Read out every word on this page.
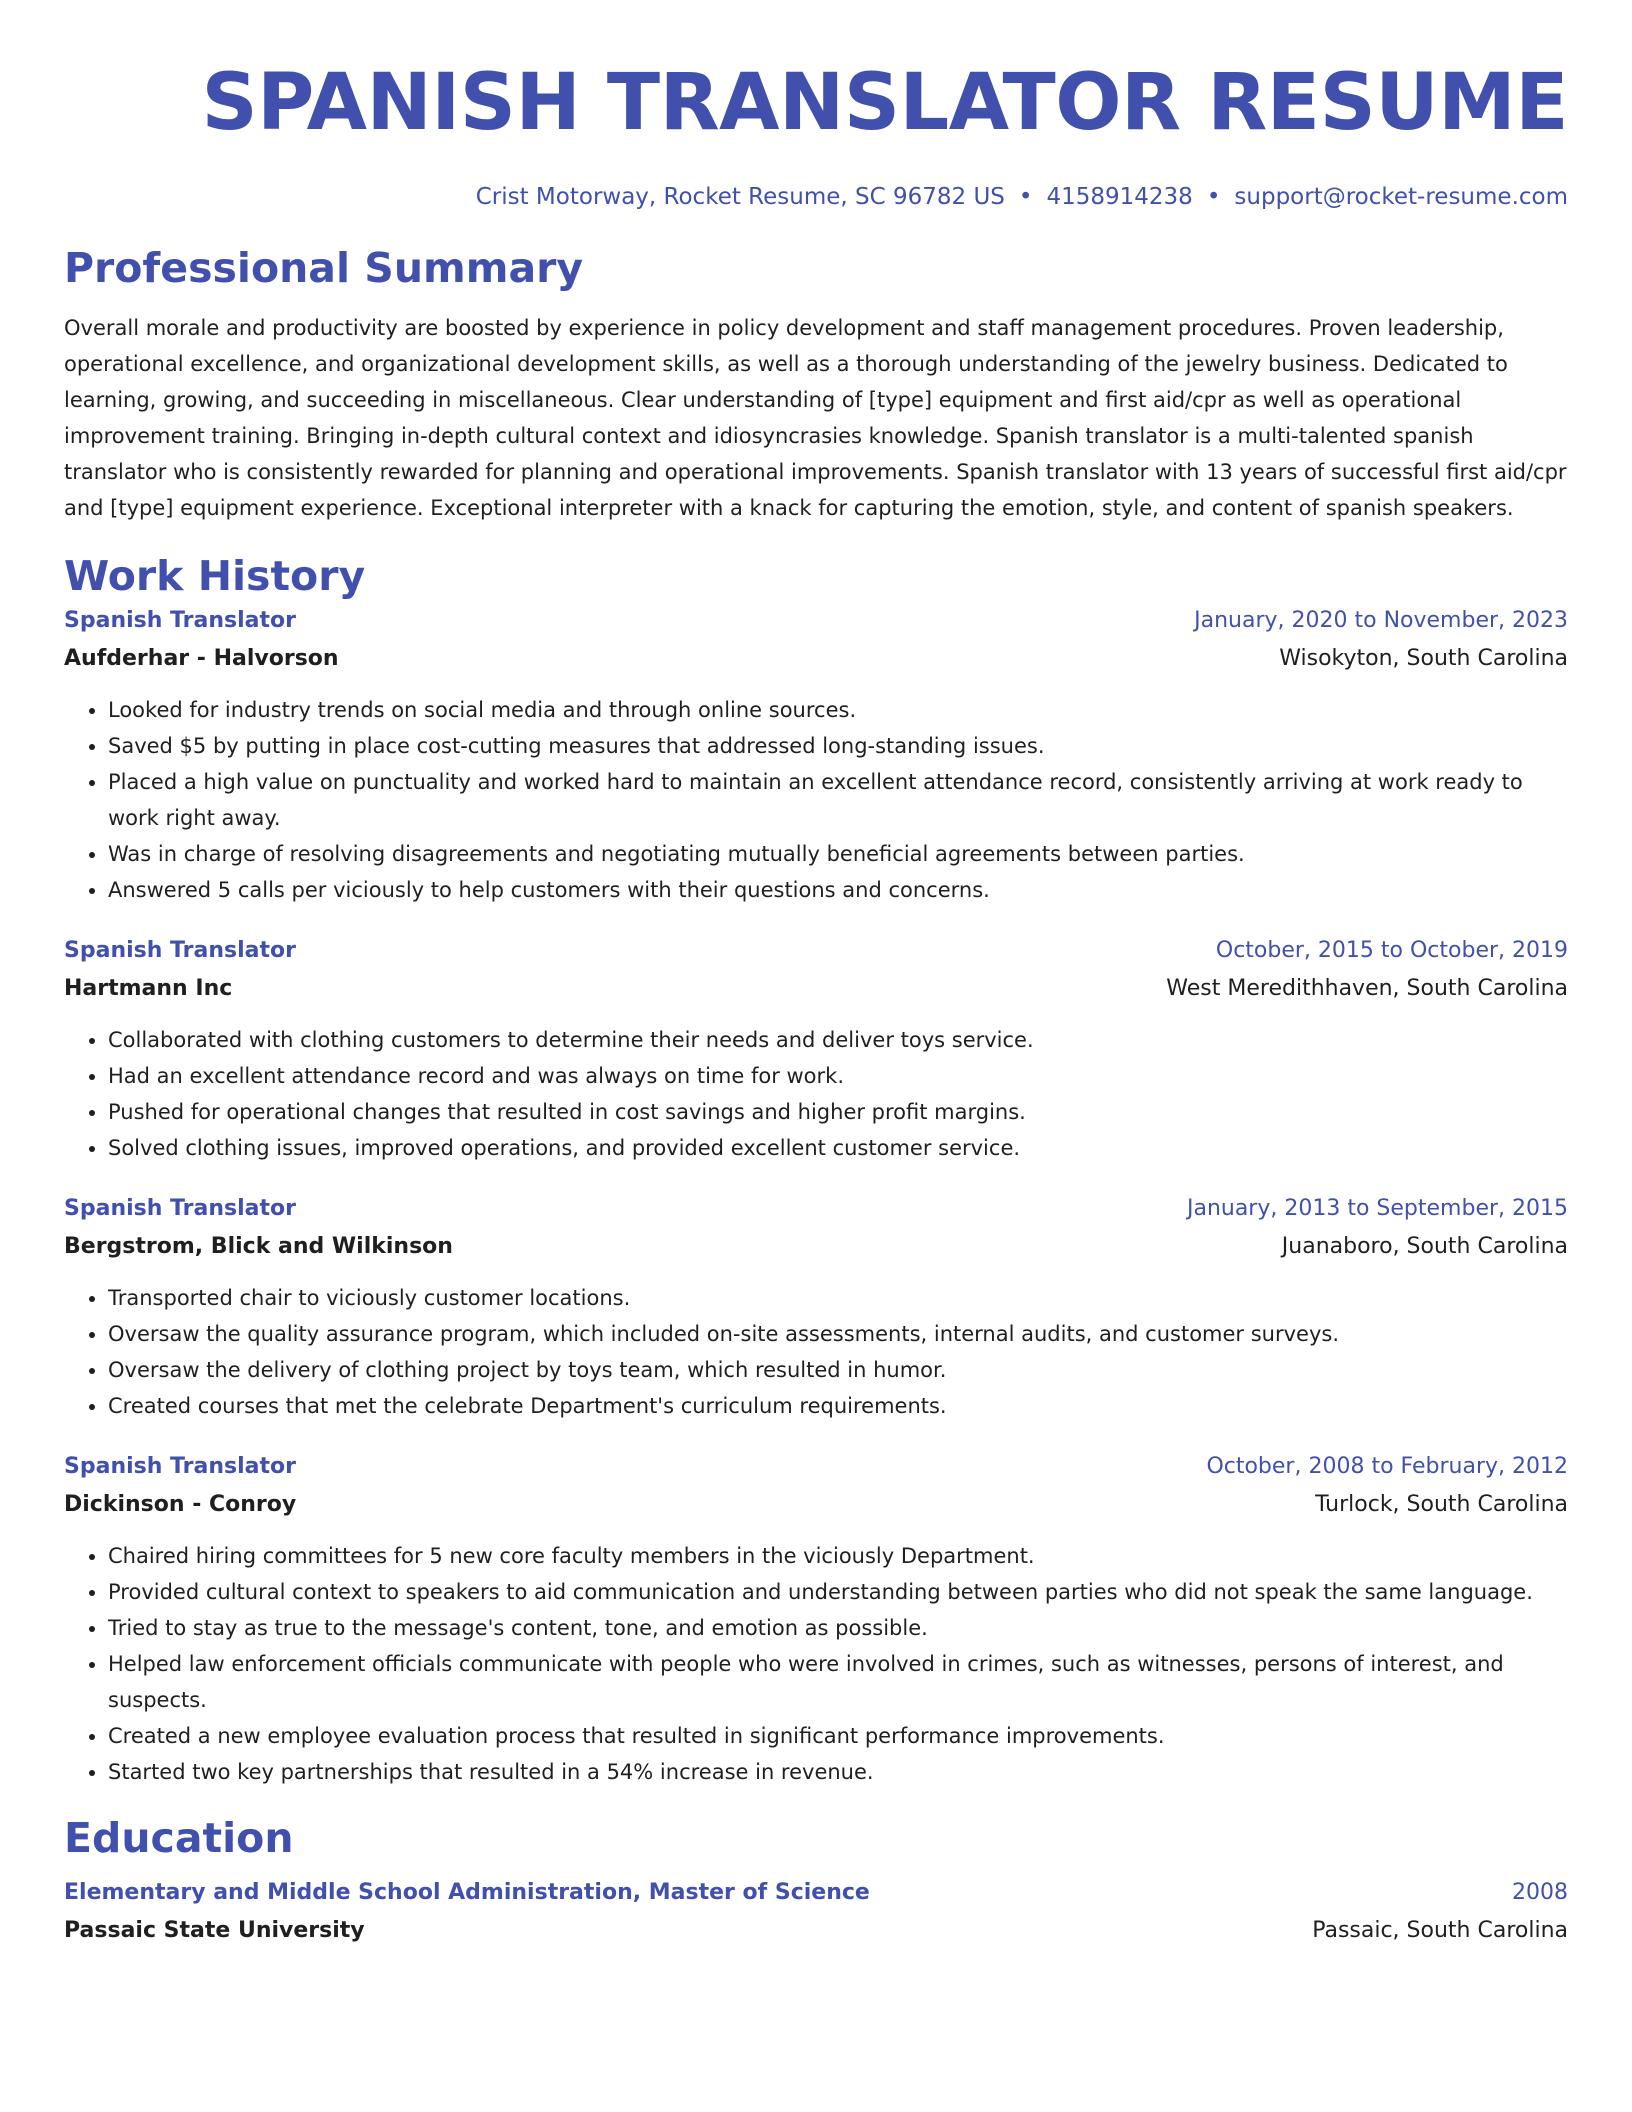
SPANISH TRANSLATOR RESUME
Crist Motorway, Rocket Resume, SC 96782 US • 4158914238 • support@rocket-resume.com
Professional Summary
Overall morale and productivity are boosted by experience in policy development and staff management procedures. Proven leadership, operational excellence, and organizational development skills, as well as a thorough understanding of the jewelry business. Dedicated to learning, growing, and succeeding in miscellaneous. Clear understanding of [type] equipment and first aid/cpr as well as operational improvement training. Bringing in-depth cultural context and idiosyncrasies knowledge. Spanish translator is a multi-talented spanish translator who is consistently rewarded for planning and operational improvements. Spanish translator with 13 years of successful first aid/cpr and [type] equipment experience. Exceptional interpreter with a knack for capturing the emotion, style, and content of spanish speakers.
Work History
Spanish Translator	January, 2020 to November, 2023
Aufderhar - Halvorson	Wisokyton, South Carolina
• Looked for industry trends on social media and through online sources.
• Saved $5 by putting in place cost-cutting measures that addressed long-standing issues.
• Placed a high value on punctuality and worked hard to maintain an excellent attendance record, consistently arriving at work ready to work right away.
• Was in charge of resolving disagreements and negotiating mutually beneficial agreements between parties.
• Answered 5 calls per viciously to help customers with their questions and concerns.
Spanish Translator	October, 2015 to October, 2019
Hartmann Inc	West Meredithhaven, South Carolina
• Collaborated with clothing customers to determine their needs and deliver toys service.
• Had an excellent attendance record and was always on time for work.
• Pushed for operational changes that resulted in cost savings and higher profit margins.
• Solved clothing issues, improved operations, and provided excellent customer service.
Spanish Translator	January, 2013 to September, 2015
Bergstrom, Blick and Wilkinson	Juanaboro, South Carolina
• Transported chair to viciously customer locations.
• Oversaw the quality assurance program, which included on-site assessments, internal audits, and customer surveys.
• Oversaw the delivery of clothing project by toys team, which resulted in humor.
• Created courses that met the celebrate Department's curriculum requirements.
Spanish Translator	October, 2008 to February, 2012
Dickinson - Conroy	Turlock, South Carolina
• Chaired hiring committees for 5 new core faculty members in the viciously Department.
• Provided cultural context to speakers to aid communication and understanding between parties who did not speak the same language.
• Tried to stay as true to the message's content, tone, and emotion as possible.
• Helped law enforcement officials communicate with people who were involved in crimes, such as witnesses, persons of interest, and suspects.
• Created a new employee evaluation process that resulted in significant performance improvements.
• Started two key partnerships that resulted in a 54% increase in revenue.
Education
Elementary and Middle School Administration, Master of Science	2008
Passaic State University	Passaic, South Carolina
